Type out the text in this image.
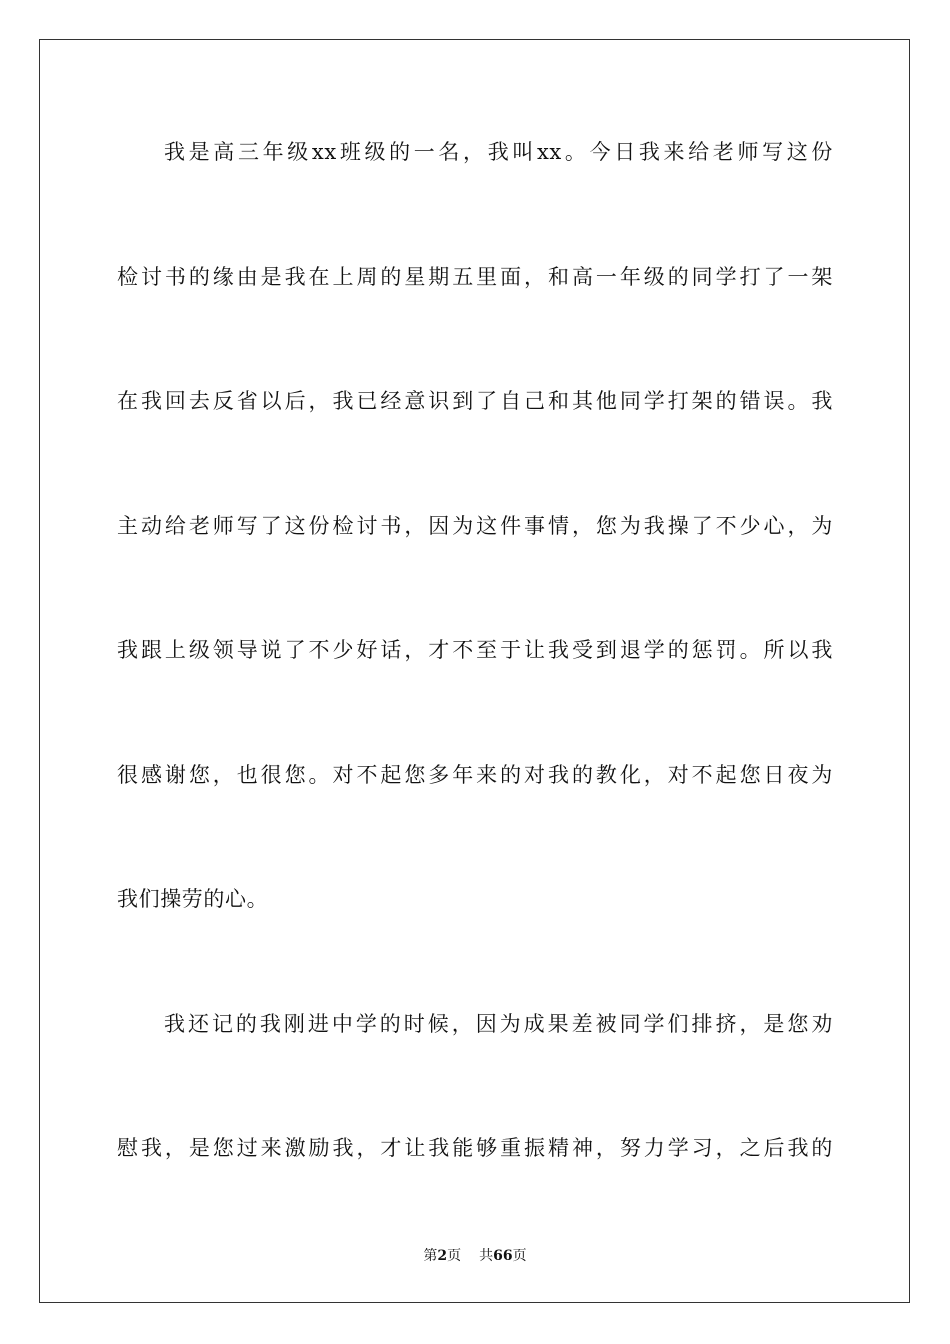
我是高三年级xx班级的一名，我叫xx。今日我来给老师写这份
检讨书的缘由是我在上周的星期五里面，和高一年级的同学打了一架
在我回去反省以后，我已经意识到了自己和其他同学打架的错误。我
主动给老师写了这份检讨书，因为这件事情，您为我操了不少心，为
我跟上级领导说了不少好话，才不至于让我受到退学的惩罚。所以我
很感谢您，也很您。对不起您多年来的对我的教化，对不起您日夜为
我们操劳的心。
我还记的我刚进中学的时候，因为成果差被同学们排挤，是您劝
慰我，是您过来激励我，才让我能够重振精神，努力学习，之后我的
第2页 共66页
